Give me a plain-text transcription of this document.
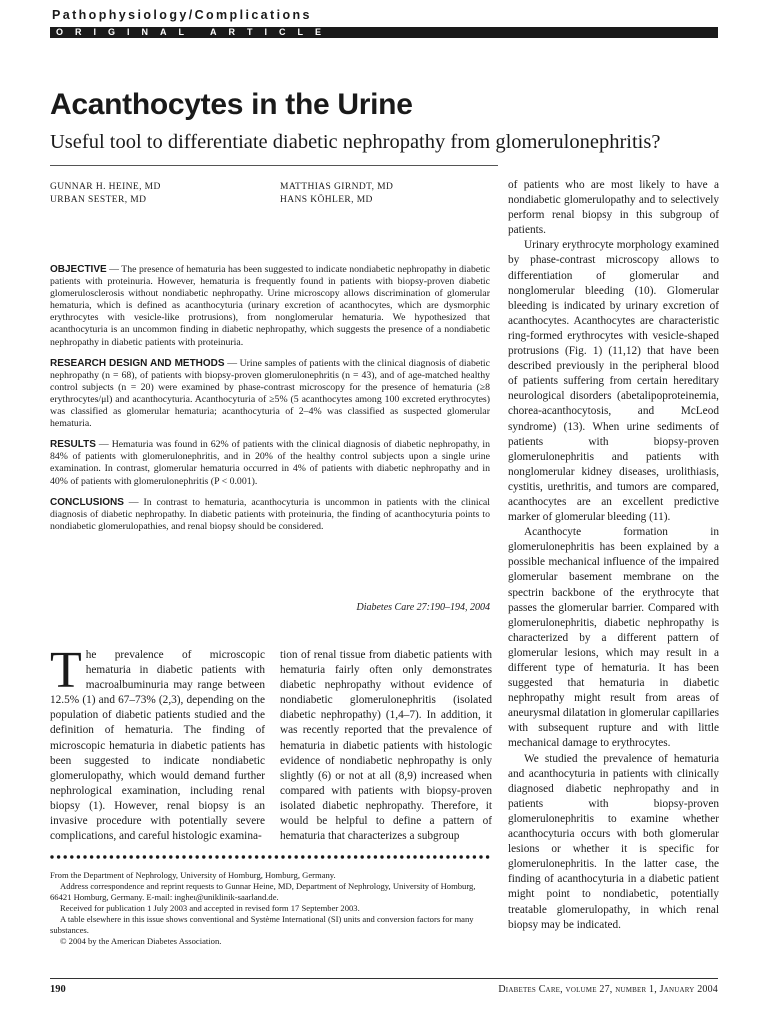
Pathophysiology/Complications
ORIGINAL ARTICLE
Acanthocytes in the Urine
Useful tool to differentiate diabetic nephropathy from glomerulonephritis?
GUNNAR H. HEINE, MD
URBAN SESTER, MD
MATTHIAS GIRNDT, MD
HANS KÖHLER, MD

OBJECTIVE — The presence of hematuria has been suggested to indicate nondiabetic nephropathy in diabetic patients with proteinuria. However, hematuria is frequently found in patients with biopsy-proven diabetic glomerulosclerosis without nondiabetic nephropathy. Urine microscopy allows discrimination of glomerular hematuria, which is defined as acanthocyturia (urinary excretion of acanthocytes, which are dysmorphic erythrocytes with vesicle-like protrusions), from nonglomerular hematuria. We hypothesized that acanthocyturia is an uncommon finding in diabetic nephropathy, which suggests the presence of a nondiabetic nephropathy in diabetic patients with proteinuria.

RESEARCH DESIGN AND METHODS — Urine samples of patients with the clinical diagnosis of diabetic nephropathy (n = 68), of patients with biopsy-proven glomerulonephritis (n = 43), and of age-matched healthy control subjects (n = 20) were examined by phase-contrast microscopy for the presence of hematuria (≥8 erythrocytes/μl) and acanthocyturia. Acanthocyturia of ≥5% (5 acanthocytes among 100 excreted erythrocytes) was classified as glomerular hematuria; acanthocyturia of 2–4% was classified as suspected glomerular hematuria.

RESULTS — Hematuria was found in 62% of patients with the clinical diagnosis of diabetic nephropathy, in 84% of patients with glomerulonephritis, and in 20% of the healthy control subjects upon a single urine examination. In contrast, glomerular hematuria occurred in 4% of patients with diabetic nephropathy and in 40% of patients with glomerulonephritis (P < 0.001).

CONCLUSIONS — In contrast to hematuria, acanthocyturia is uncommon in patients with the clinical diagnosis of diabetic nephropathy. In diabetic patients with proteinuria, the finding of acanthocyturia points to nondiabetic glomerulopathies, and renal biopsy should be considered.

Diabetes Care 27:190–194, 2004
The prevalence of microscopic hematuria in diabetic patients with macroalbuminuria may range between 12.5% (1) and 67–73% (2,3), depending on the population of diabetic patients studied and the definition of hematuria. The finding of microscopic hematuria in diabetic patients has been suggested to indicate nondiabetic glomerulopathy, which would demand further nephrological examination, including renal biopsy (1). However, renal biopsy is an invasive procedure with potentially severe complications, and careful histologic examina-

tion of renal tissue from diabetic patients with hematuria fairly often only demonstrates diabetic nephropathy without evidence of nondiabetic glomerulonephritis (isolated diabetic nephropathy) (1,4–7). In addition, it was recently reported that the prevalence of hematuria in diabetic patients with histologic evidence of nondiabetic nephropathy is only slightly (6) or not at all (8,9) increased when compared with patients with biopsy-proven isolated diabetic nephropathy. Therefore, it would be helpful to define a pattern of hematuria that characterizes a subgroup

of patients who are most likely to have a nondiabetic glomerulopathy and to selectively perform renal biopsy in this subgroup of patients.

Urinary erythrocyte morphology examined by phase-contrast microscopy allows to differentiation of glomerular and nonglomerular bleeding (10). Glomerular bleeding is indicated by urinary excretion of acanthocytes. Acanthocytes are characteristic ring-formed erythrocytes with vesicle-shaped protrusions (Fig. 1) (11,12) that have been described previously in the peripheral blood of patients suffering from certain hereditary neurological disorders (abetalipoproteinemia, chorea-acanthocytosis, and McLeod syndrome) (13). When urine sediments of patients with biopsy-proven glomerulonephritis and patients with nonglomerular kidney diseases, urolithiasis, cystitis, urethritis, and tumors are compared, acanthocytes are an excellent predictive marker of glomerular bleeding (11).

Acanthocyte formation in glomerulonephritis has been explained by a possible mechanical influence of the impaired glomerular basement membrane on the spectrin backbone of the erythrocyte that passes the glomerular barrier. Compared with glomerulonephritis, diabetic nephropathy is characterized by a different pattern of glomerular lesions, which may result in a different type of hematuria. It has been suggested that hematuria in diabetic nephropathy might result from areas of aneurysmal dilatation in glomerular capillaries with subsequent rupture and with little mechanical damage to erythrocytes.

We studied the prevalence of hematuria and acanthocyturia in patients with clinically diagnosed diabetic nephropathy and in patients with biopsy-proven glomerulonephritis to examine whether acanthocyturia occurs with both glomerular lesions or whether it is specific for glomerulonephritis. In the latter case, the finding of acanthocyturia in a diabetic patient might point to nondiabetic, potentially treatable glomerulopathy, in which renal biopsy may be indicated.

From the Department of Nephrology, University of Homburg, Homburg, Germany.

Address correspondence and reprint requests to Gunnar Heine, MD, Department of Nephrology, University of Homburg, 66421 Homburg, Germany. E-mail: ingheı@uniklinik-saarland.de.

Received for publication 1 July 2003 and accepted in revised form 17 September 2003.

A table elsewhere in this issue shows conventional and Système International (SI) units and conversion factors for many substances.

© 2004 by the American Diabetes Association.

190	Diabetes Care, volume 27, number 1, January 2004
